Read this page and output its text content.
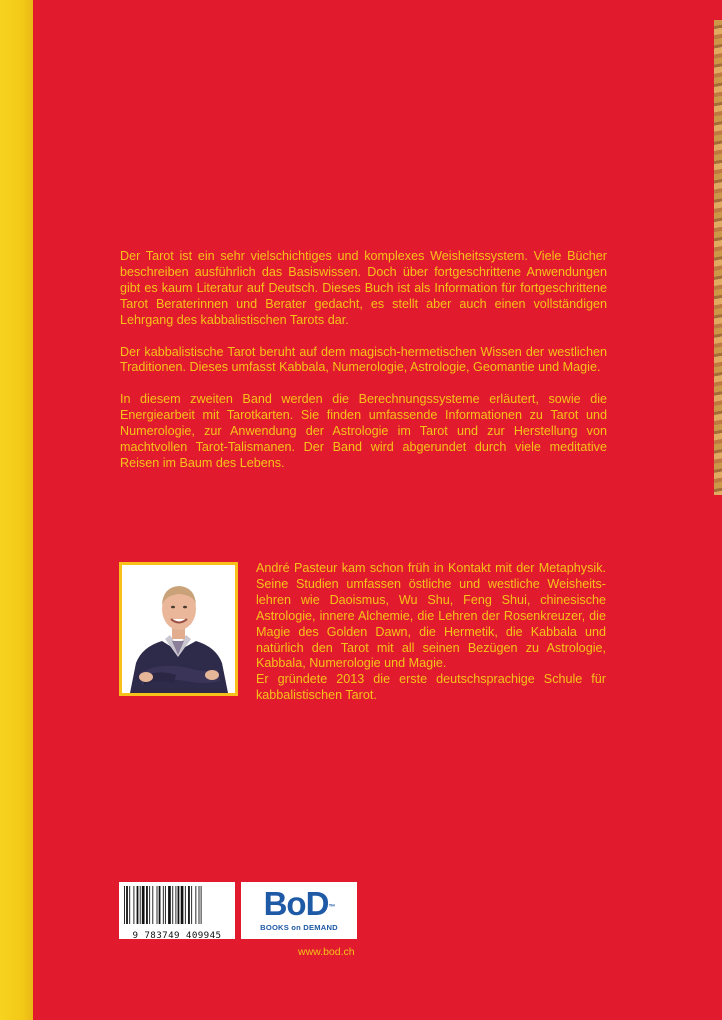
Der Tarot ist ein sehr vielschichtiges und komplexes Weisheitssystem. Viele Bücher beschreiben ausführlich das Basiswissen. Doch über fortgeschrittene Anwendungen gibt es kaum Literatur auf Deutsch. Dieses Buch ist als Information für fortgeschrittene Tarot Beraterinnen und Berater gedacht, es stellt aber auch einen vollständigen Lehrgang des kabbalistischen Tarots dar.

Der kabbalistische Tarot beruht auf dem magisch-hermetischen Wissen der westlichen Traditionen. Dieses umfasst Kabbala, Numerologie, Astrologie, Geomantie und Magie.

In diesem zweiten Band werden die Berechnungssysteme erläutert, sowie die Energiearbeit mit Tarotkarten. Sie finden umfassende Informationen zu Tarot und Numerologie, zur Anwendung der Astrologie im Tarot und zur Herstellung von machtvollen Tarot-Talismanen. Der Band wird abgerundet durch viele meditative Reisen im Baum des Lebens.

André Pasteur kam schon früh in Kontakt mit der Metaphysik. Seine Studien umfassen östliche und westliche Weisheitslehren wie Daoismus, Wu Shu, Feng Shui, chinesische Astrologie, innere Alchemie, die Lehren der Rosenkreuzer, die Magie des Golden Dawn, die Hermetik, die Kabbala und natürlich den Tarot mit all seinen Bezügen zu Astrologie, Kabbala, Numerologie und Magie.

Er gründete 2013 die erste deutschsprachige Schule für kabbalistischen Tarot.

9 783749 409945
BoD™
BOOKS on DEMAND
www.bod.ch
